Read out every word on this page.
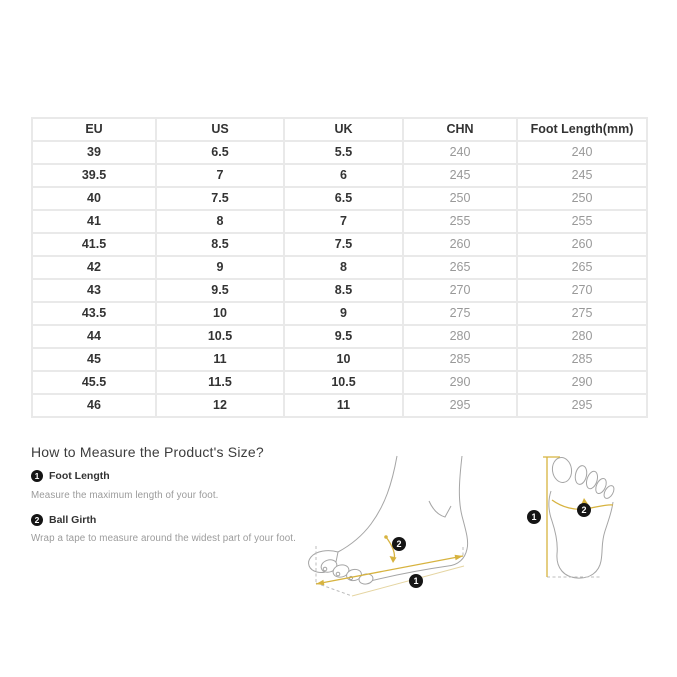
EU	US	UK	CHN	Foot Length(mm)
39	6.5	5.5	240	240
39.5	7	6	245	245
40	7.5	6.5	250	250
41	8	7	255	255
41.5	8.5	7.5	260	260
42	9	8	265	265
43	9.5	8.5	270	270
43.5	10	9	275	275
44	10.5	9.5	280	280
45	11	10	285	285
45.5	11.5	10.5	290	290
46	12	11	295	295
How to Measure the Product's Size?
1 Foot Length
Measure the maximum length of your foot.
2 Ball Girth
Wrap a tape to measure around the widest part of your foot.
2
1
1
2
